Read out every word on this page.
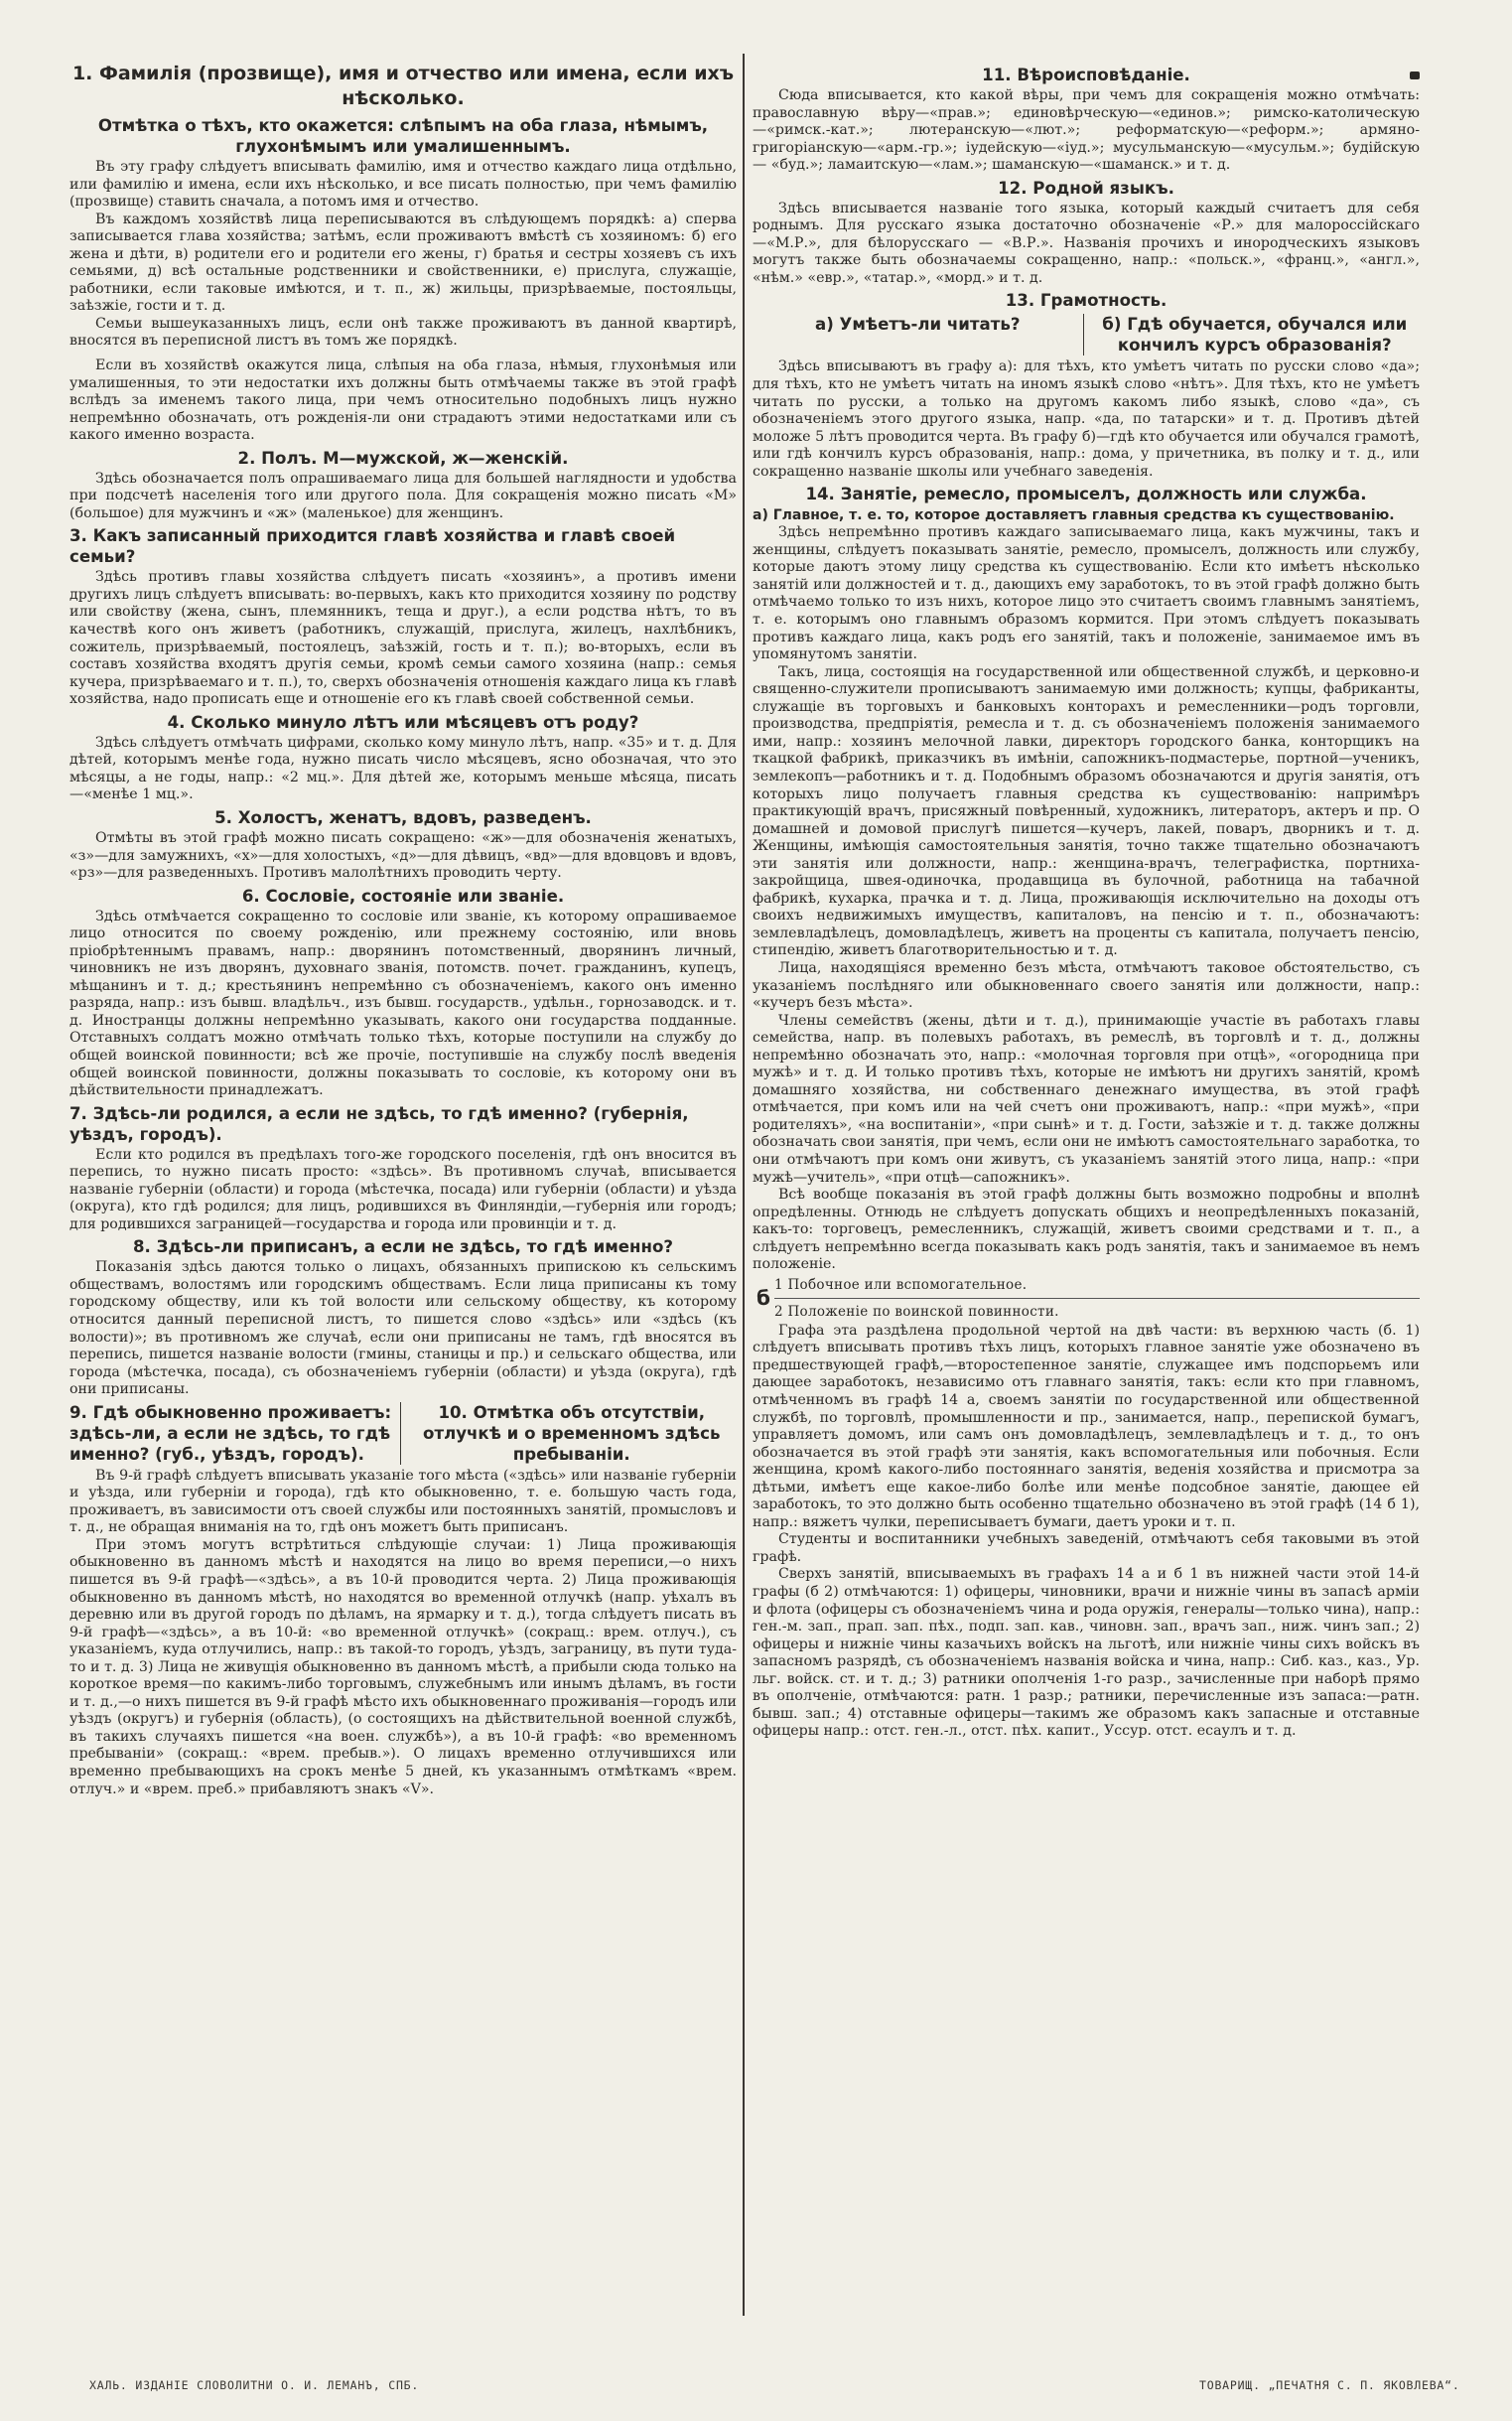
1. Фамилія (прозвище), имя и отчество или имена, если ихъ нѣсколько.
Отмѣтка о тѣхъ, кто окажется: слѣпымъ на оба глаза, нѣмымъ, глухонѣмымъ или умалишеннымъ.

Въ эту графу слѣдуетъ вписывать фамилію, имя и отчество каждаго лица отдѣльно, или фамилію и имена, если ихъ нѣсколько, и все писать полностью, при чемъ фамилію (прозвище) ставить сначала, а потомъ имя и отчество.

Въ каждомъ хозяйствѣ лица переписываются въ слѣдующемъ порядкѣ: а) сперва записывается глава хозяйства; затѣмъ, если проживаютъ вмѣстѣ съ хозяиномъ: б) его жена и дѣти, в) родители его и родители его жены, г) братья и сестры хозяевъ съ ихъ семьями, д) всѣ остальные родственники и свойственники, е) прислуга, служащіе, работники, если таковые имѣются, и т. п., ж) жильцы, призрѣваемые, постояльцы, заѣзжіе, гости и т. д.

Семьи вышеуказанныхъ лицъ, если онѣ также проживаютъ въ данной квартирѣ, вносятся въ переписной листъ въ томъ же порядкѣ.

Если въ хозяйствѣ окажутся лица, слѣпыя на оба глаза, нѣмыя, глухонѣмыя или умалишенныя, то эти недостатки ихъ должны быть отмѣчаемы также въ этой графѣ вслѣдъ за именемъ такого лица, при чемъ относительно подобныхъ лицъ нужно непремѣнно обозначать, отъ рожденія-ли они страдаютъ этими недостатками или съ какого именно возраста.

2. Полъ. М—мужской, ж—женскій.

Здѣсь обозначается полъ опрашиваемаго лица для большей наглядности и удобства при подсчетѣ населенія того или другого пола. Для сокращенія можно писать «М» (большое) для мужчинъ и «ж» (маленькое) для женщинъ.

3. Какъ записанный приходится главѣ хозяйства и главѣ своей семьи?

Здѣсь противъ главы хозяйства слѣдуетъ писать «хозяинъ», а противъ имени другихъ лицъ слѣдуетъ вписывать: во-первыхъ, какъ кто приходится хозяину по родству или свойству (жена, сынъ, племянникъ, теща и друг.), а если родства нѣтъ, то въ качествѣ кого онъ живетъ (работникъ, служащій, прислуга, жилецъ, нахлѣбникъ, сожитель, призрѣваемый, постоялецъ, заѣзжій, гость и т. п.); во-вторыхъ, если въ составъ хозяйства входятъ другія семьи, кромѣ семьи самого хозяина (напр.: семья кучера, призрѣваемаго и т. п.), то, сверхъ обозначенія отношенія каждаго лица къ главѣ хозяйства, надо прописать еще и отношеніе его къ главѣ своей собственной семьи.

4. Сколько минуло лѣтъ или мѣсяцевъ отъ роду?

Здѣсь слѣдуетъ отмѣчать цифрами, сколько кому минуло лѣтъ, напр. «35» и т. д. Для дѣтей, которымъ менѣе года, нужно писать число мѣсяцевъ, ясно обозначая, что это мѣсяцы, а не годы, напр.: «2 мц.». Для дѣтей же, которымъ меньше мѣсяца, писать—«менѣе 1 мц.».

5. Холостъ, женатъ, вдовъ, разведенъ.

Отмѣты въ этой графѣ можно писать сокращено: «ж»—для обозначенія женатыхъ, «з»—для замужнихъ, «х»—для холостыхъ, «д»—для дѣвицъ, «вд»—для вдовцовъ и вдовъ, «рз»—для разведенныхъ. Противъ малолѣтнихъ проводить черту.

6. Сословіе, состояніе или званіе.

Здѣсь отмѣчается сокращенно то сословіе или званіе, къ которому опрашиваемое лицо относится по своему рожденію, или прежнему состоянію, или вновь пріобрѣтеннымъ правамъ, напр.: дворянинъ потомственный, дворянинъ личный, чиновникъ не изъ дворянъ, духовнаго званія, потомств. почет. гражданинъ, купецъ, мѣщанинъ и т. д.; крестьянинъ непремѣнно съ обозначеніемъ, какого онъ именно разряда, напр.: изъ бывш. владѣльч., изъ бывш. государств., удѣльн., горнозаводск. и т. д. Иностранцы должны непремѣнно указывать, какого они государства подданные. Отставныхъ солдатъ можно отмѣчать только тѣхъ, которые поступили на службу до общей воинской повинности; всѣ же прочіе, поступившіе на службу послѣ введенія общей воинской повинности, должны показывать то сословіе, къ которому они въ дѣйствительности принадлежатъ.

7. Здѣсь-ли родился, а если не здѣсь, то гдѣ именно? (губернія, уѣздъ, городъ).

Если кто родился въ предѣлахъ того-же городского поселенія, гдѣ онъ вносится въ перепись, то нужно писать просто: «здѣсь». Въ противномъ случаѣ, вписывается названіе губерніи (области) и города (мѣстечка, посада) или губерніи (области) и уѣзда (округа), кто гдѣ родился; для лицъ, родившихся въ Финляндіи,—губернія или городъ; для родившихся заграницей—государства и города или провинціи и т. д.

8. Здѣсь-ли приписанъ, а если не здѣсь, то гдѣ именно?

Показанія здѣсь даются только о лицахъ, обязанныхъ припискою къ сельскимъ обществамъ, волостямъ или городскимъ обществамъ. Если лица приписаны къ тому городскому обществу, или къ той волости или сельскому обществу, къ которому относится данный переписной листъ, то пишется слово «здѣсь» или «здѣсь (къ волости)»; въ противномъ же случаѣ, если они приписаны не тамъ, гдѣ вносятся въ перепись, пишется названіе волости (гмины, станицы и пр.) и сельскаго общества, или города (мѣстечка, посада), съ обозначеніемъ губерніи (области) и уѣзда (округа), гдѣ они приписаны.

9. Гдѣ обыкновенно проживаетъ: здѣсь-ли, а если не здѣсь, то гдѣ именно? (губ., уѣздъ, городъ).
10. Отмѣтка объ отсутствіи, отлучкѣ и о временномъ здѣсь пребываніи.

Въ 9-й графѣ слѣдуетъ вписывать указаніе того мѣста («здѣсь» или названіе губерніи и уѣзда, или губерніи и города), гдѣ кто обыкновенно, т. е. большую часть года, проживаетъ, въ зависимости отъ своей службы или постоянныхъ занятій, промысловъ и т. д., не обращая вниманія на то, гдѣ онъ можетъ быть приписанъ.

При этомъ могутъ встрѣтиться слѣдующіе случаи: 1) Лица проживающія обыкновенно въ данномъ мѣстѣ и находятся на лицо во время переписи,—о нихъ пишется въ 9-й графѣ—«здѣсь», а въ 10-й проводится черта. 2) Лица проживающія обыкновенно въ данномъ мѣстѣ, но находятся во временной отлучкѣ (напр. уѣхалъ въ деревню или въ другой городъ по дѣламъ, на ярмарку и т. д.), тогда слѣдуетъ писать въ 9-й графѣ—«здѣсь», а въ 10-й: «во временной отлучкѣ» (сокращ.: врем. отлуч.), съ указаніемъ, куда отлучились, напр.: въ такой-то городъ, уѣздъ, заграницу, въ пути туда-то и т. д. 3) Лица не живущія обыкновенно въ данномъ мѣстѣ, а прибыли сюда только на короткое время—по какимъ-либо торговымъ, служебнымъ или инымъ дѣламъ, въ гости и т. д.,—о нихъ пишется въ 9-й графѣ мѣсто ихъ обыкновеннаго проживанія—городъ или уѣздъ (округъ) и губернія (область), (о состоящихъ на дѣйствительной военной службѣ, въ такихъ случаяхъ пишется «на воен. службѣ»), а въ 10-й графѣ: «во временномъ пребываніи» (сокращ.: «врем. пребыв.»). О лицахъ временно отлучившихся или временно пребывающихъ на срокъ менѣе 5 дней, къ указаннымъ отмѣткамъ «врем. отлуч.» и «врем. преб.» прибавляютъ знакъ «V».

11. Вѣроисповѣданіе.

Сюда вписывается, кто какой вѣры, при чемъ для сокращенія можно отмѣчать: православную вѣру—«прав.»; единовѣрческую—«единов.»; римско-католическую—«римск.-кат.»; лютеранскую—«лют.»; реформатскую—«реформ.»; армяно-григоріанскую—«арм.-гр.»; іудейскую—«іуд.»; мусульманскую—«мусульм.»; будійскую — «буд.»; ламаитскую—«лам.»; шаманскую—«шаманск.» и т. д.

12. Родной языкъ.

Здѣсь вписывается названіе того языка, который каждый считаетъ для себя роднымъ. Для русскаго языка достаточно обозначеніе «Р.» для малороссійскаго—«М.Р.», для бѣлорусскаго — «В.Р.». Названія прочихъ и инородческихъ языковъ могутъ также быть обозначаемы сокращенно, напр.: «польск.», «франц.», «англ.», «нѣм.» «евр.», «татар.», «морд.» и т. д.

13. Грамотность.
а) Умѣетъ-ли читать?	б) Гдѣ обучается, обучался или кончилъ курсъ образованія?

Здѣсь вписываютъ въ графу а): для тѣхъ, кто умѣетъ читать по русски слово «да»; для тѣхъ, кто не умѣетъ читать на иномъ языкѣ слово «нѣтъ». Для тѣхъ, кто не умѣетъ читать по русски, а только на другомъ какомъ либо языкѣ, слово «да», съ обозначеніемъ этого другого языка, напр. «да, по татарски» и т. д. Противъ дѣтей моложе 5 лѣтъ проводится черта. Въ графу б)—гдѣ кто обучается или обучался грамотѣ, или гдѣ кончилъ курсъ образованія, напр.: дома, у причетника, въ полку и т. д., или сокращенно названіе школы или учебнаго заведенія.

14. Занятіе, ремесло, промыселъ, должность или служба.
а) Главное, т. е. то, которое доставляетъ главныя средства къ существованію.

Здѣсь непремѣнно противъ каждаго записываемаго лица, какъ мужчины, такъ и женщины, слѣдуетъ показывать занятіе, ремесло, промыселъ, должность или службу, которые даютъ этому лицу средства къ существованію. Если кто имѣетъ нѣсколько занятій или должностей и т. д., дающихъ ему заработокъ, то въ этой графѣ должно быть отмѣчаемо только то изъ нихъ, которое лицо это считаетъ своимъ главнымъ занятіемъ, т. е. которымъ оно главнымъ образомъ кормится. При этомъ слѣдуетъ показывать противъ каждаго лица, какъ родъ его занятій, такъ и положеніе, занимаемое имъ въ упомянутомъ занятіи.

Такъ, лица, состоящія на государственной или общественной службѣ, и церковно-и священно-служители прописываютъ занимаемую ими должность; купцы, фабриканты, служащіе въ торговыхъ и банковыхъ конторахъ и ремесленники—родъ торговли, производства, предпріятія, ремесла и т. д. съ обозначеніемъ положенія занимаемого ими, напр.: хозяинъ мелочной лавки, директоръ городского банка, конторщикъ на ткацкой фабрикѣ, приказчикъ въ имѣніи, сапожникъ-подмастерье, портной—ученикъ, землекопъ—работникъ и т. д. Подобнымъ образомъ обозначаются и другія занятія, отъ которыхъ лицо получаетъ главныя средства къ существованію: напримѣръ практикующій врачъ, присяжный повѣренный, художникъ, литераторъ, актеръ и пр. О домашней и домовой прислугѣ пишется—кучеръ, лакей, поваръ, дворникъ и т. д. Женщины, имѣющія самостоятельныя занятія, точно также тщательно обозначаютъ эти занятія или должности, напр.: женщина-врачъ, телеграфистка, портниха-закройщица, швея-одиночка, продавщица въ булочной, работница на табачной фабрикѣ, кухарка, прачка и т. д. Лица, проживающія исключительно на доходы отъ своихъ недвижимыхъ имуществъ, капиталовъ, на пенсію и т. п., обозначаютъ: землевладѣлецъ, домовладѣлецъ, живетъ на проценты съ капитала, получаетъ пенсію, стипендію, живетъ благотворительностью и т. д.

Лица, находящіяся временно безъ мѣста, отмѣчаютъ таковое обстоятельство, съ указаніемъ послѣдняго или обыкновеннаго своего занятія или должности, напр.: «кучеръ безъ мѣста».

Члены семействъ (жены, дѣти и т. д.), принимающіе участіе въ работахъ главы семейства, напр. въ полевыхъ работахъ, въ ремеслѣ, въ торговлѣ и т. д., должны непремѣнно обозначать это, напр.: «молочная торговля при отцѣ», «огородница при мужѣ» и т. д. И только противъ тѣхъ, которые не имѣютъ ни другихъ занятій, кромѣ домашняго хозяйства, ни собственнаго денежнаго имущества, въ этой графѣ отмѣчается, при комъ или на чей счетъ они проживаютъ, напр.: «при мужѣ», «при родителяхъ», «на воспитаніи», «при сынѣ» и т. д. Гости, заѣзжіе и т. д. также должны обозначать свои занятія, при чемъ, если они не имѣютъ самостоятельнаго заработка, то они отмѣчаютъ при комъ они живутъ, съ указаніемъ занятій этого лица, напр.: «при мужѣ—учитель», «при отцѣ—сапожникъ».

Всѣ вообще показанія въ этой графѣ должны быть возможно подробны и вполнѣ опредѣленны. Отнюдь не слѣдуетъ допускать общихъ и неопредѣленныхъ показаній, какъ-то: торговецъ, ремесленникъ, служащій, живетъ своими средствами и т. п., а слѣдуетъ непремѣнно всегда показывать какъ родъ занятія, такъ и занимаемое въ немъ положеніе.

б
1 Побочное или вспомогательное.
2 Положеніе по воинской повинности.

Графа эта раздѣлена продольной чертой на двѣ части: въ верхнюю часть (б. 1) слѣдуетъ вписывать противъ тѣхъ лицъ, которыхъ главное занятіе уже обозначено въ предшествующей графѣ,—второстепенное занятіе, служащее имъ подспорьемъ или дающее заработокъ, независимо отъ главнаго занятія, такъ: если кто при главномъ, отмѣченномъ въ графѣ 14 а, своемъ занятіи по государственной или общественной службѣ, по торговлѣ, промышленности и пр., занимается, напр., перепиской бумагъ, управляетъ домомъ, или самъ онъ домовладѣлецъ, землевладѣлецъ и т. д., то онъ обозначается въ этой графѣ эти занятія, какъ вспомогательныя или побочныя. Если женщина, кромѣ какого-либо постояннаго занятія, веденія хозяйства и присмотра за дѣтьми, имѣетъ еще какое-либо болѣе или менѣе подсобное занятіе, дающее ей заработокъ, то это должно быть особенно тщательно обозначено въ этой графѣ (14 б 1), напр.: вяжетъ чулки, переписываетъ бумаги, даетъ уроки и т. п.

Студенты и воспитанники учебныхъ заведеній, отмѣчаютъ себя таковыми въ этой графѣ.

Сверхъ занятій, вписываемыхъ въ графахъ 14 а и б 1 въ нижней части этой 14-й графы (б 2) отмѣчаются: 1) офицеры, чиновники, врачи и нижніе чины въ запасѣ арміи и флота (офицеры съ обозначеніемъ чина и рода оружія, генералы—только чина), напр.: ген.-м. зап., прап. зап. пѣх., подп. зап. кав., чиновн. зап., врачъ зап., ниж. чинъ зап.; 2) офицеры и нижніе чины казачьихъ войскъ на льготѣ, или нижніе чины сихъ войскъ въ запасномъ разрядѣ, съ обозначеніемъ названія войска и чина, напр.: Сиб. каз., каз., Ур. льг. войск. ст. и т. д.; 3) ратники ополченія 1-го разр., зачисленные при наборѣ прямо въ ополченіе, отмѣчаются: ратн. 1 разр.; ратники, перечисленные изъ запаса:—ратн. бывш. зап.; 4) отставные офицеры—такимъ же образомъ какъ запасные и отставные офицеры напр.: отст. ген.-л., отст. пѣх. капит., Уссур. отст. есаулъ и т. д.

ХАЛЬ. ИЗДАНІЕ СЛОВОЛИТНИ О. И. ЛЕМАНЪ, СПБ.	ТОВАРИЩ. „ПЕЧАТНЯ С. П. ЯКОВЛЕВА“.
